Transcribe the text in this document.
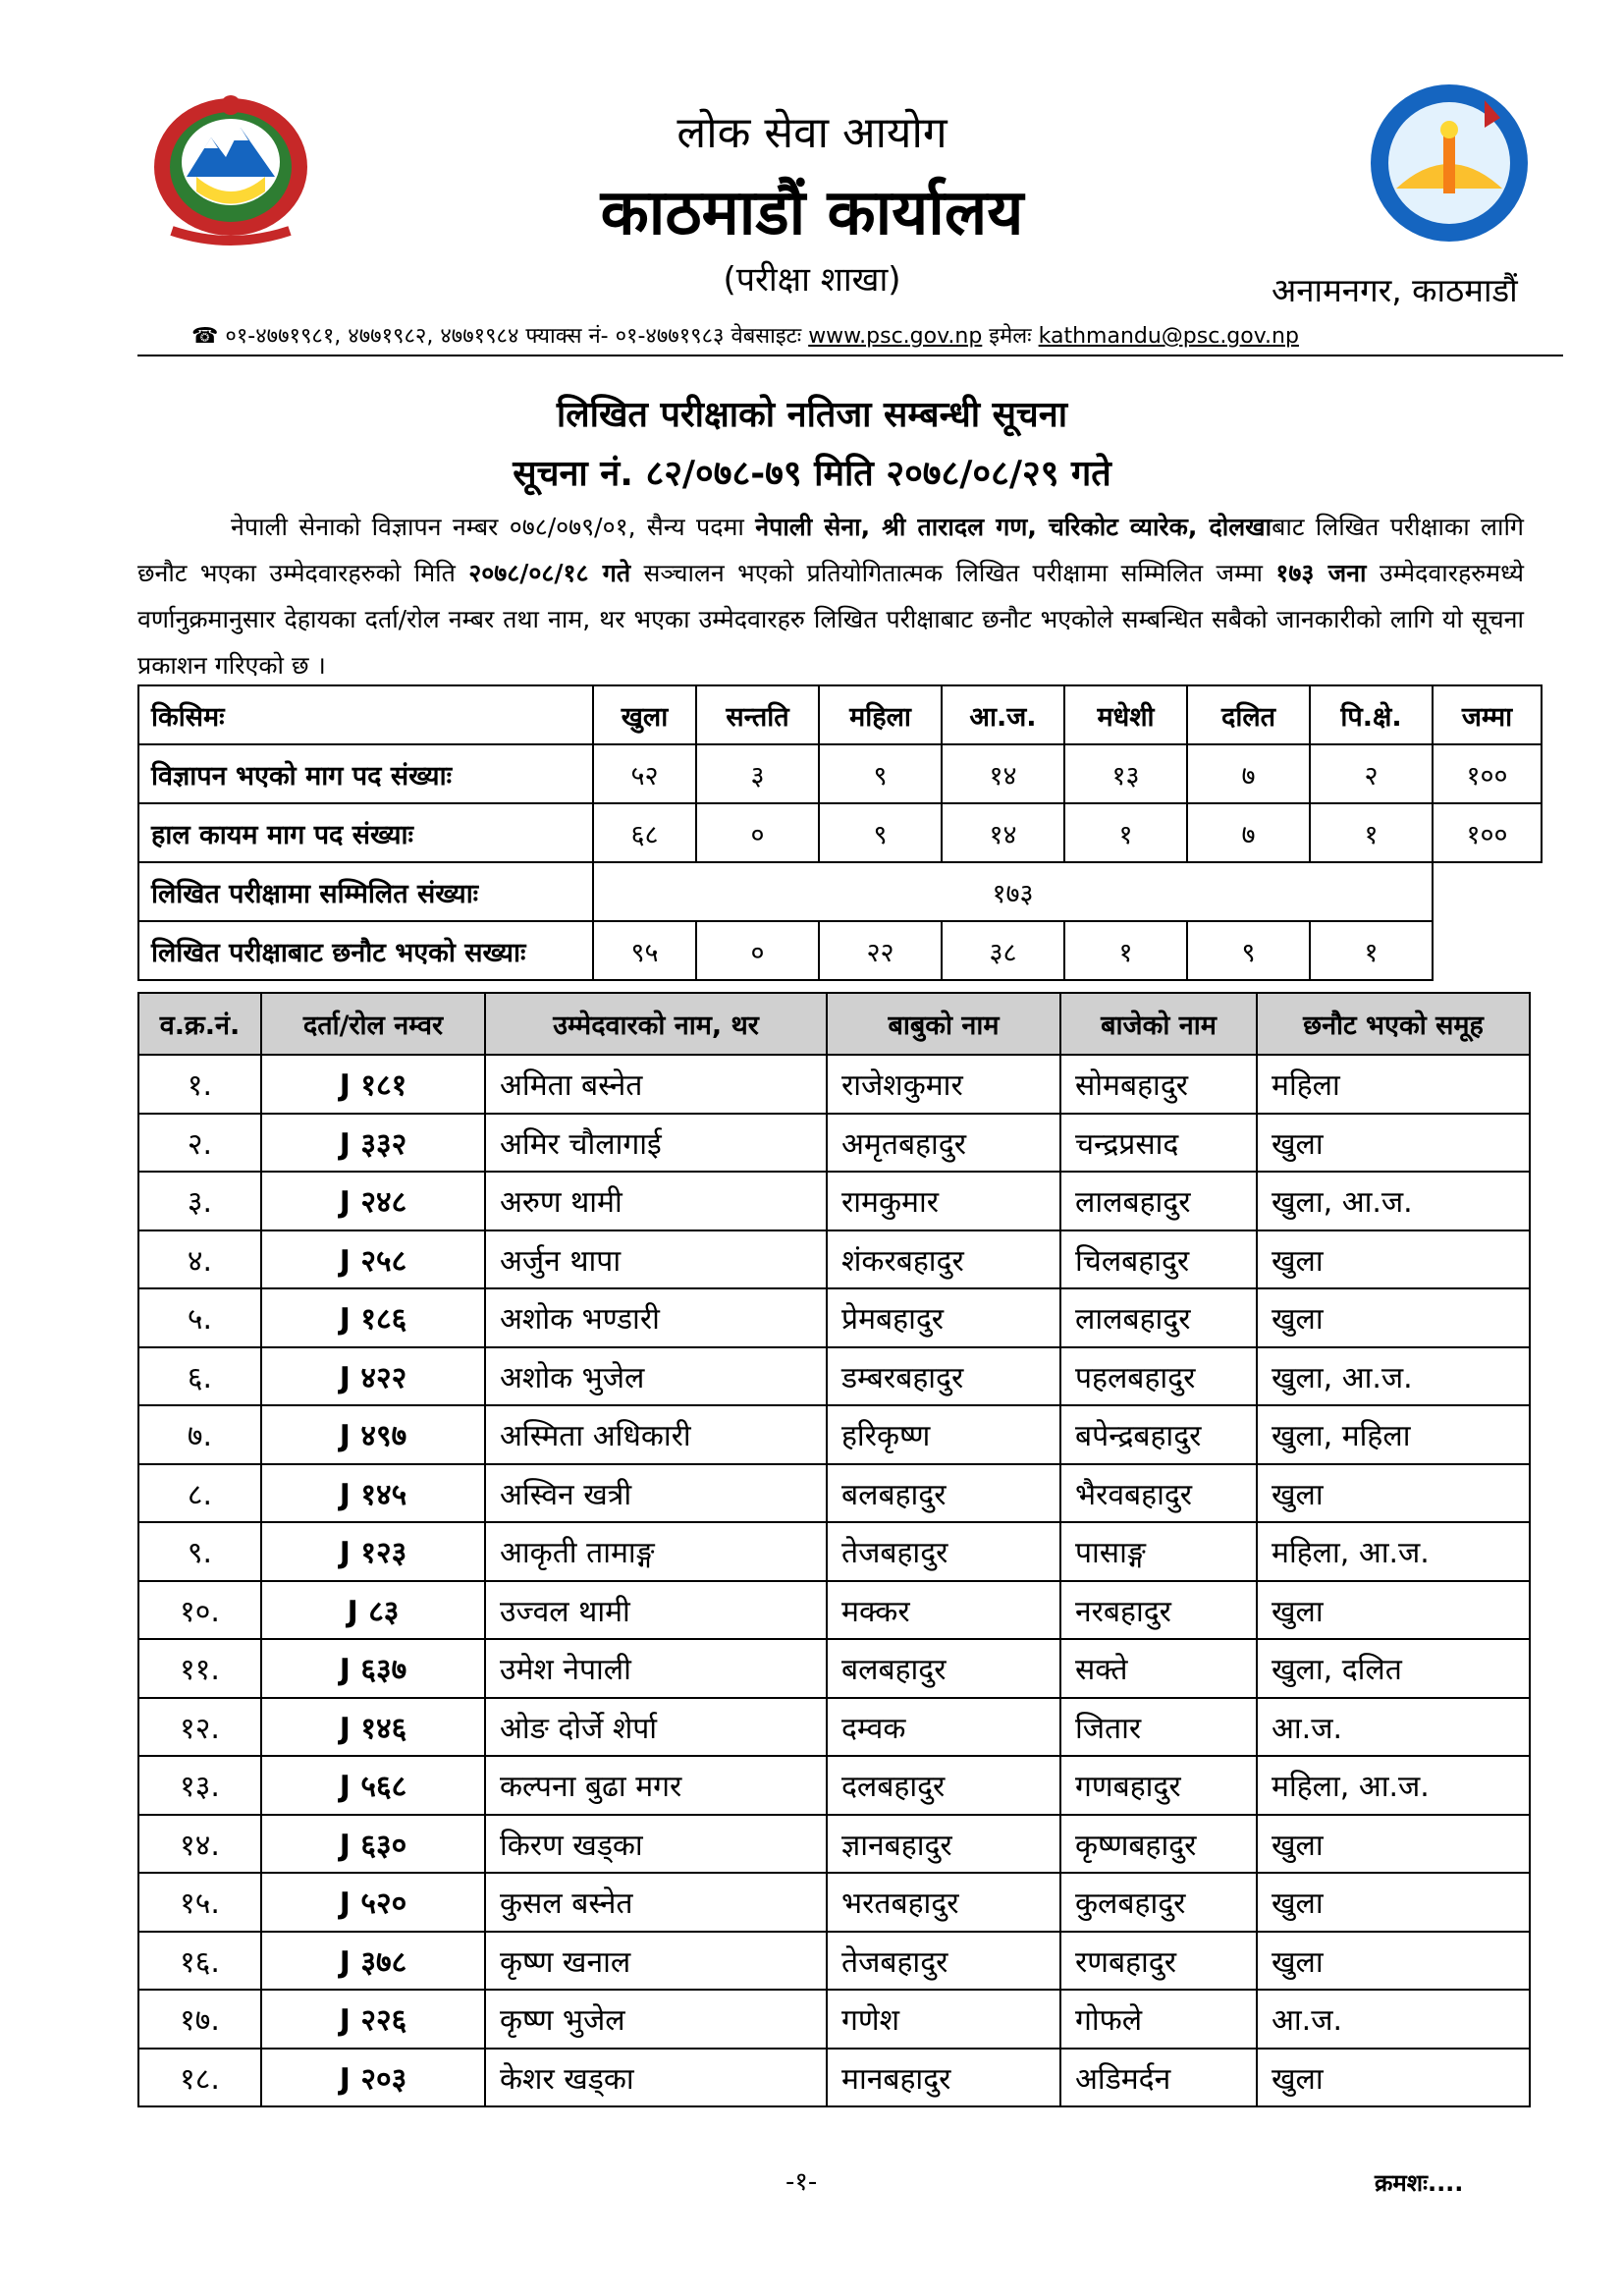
लोक सेवा आयोग
काठमाडौं कार्यालय
(परीक्षा शाखा)	अनामनगर, काठमाडौं
☎ ०१-४७७१९८१, ४७७१९८२, ४७७१९८४ फ्याक्स नं- ०१-४७७१९८३ वेबसाइटः www.psc.gov.np इमेलः kathmandu@psc.gov.np
लिखित परीक्षाको नतिजा सम्बन्धी सूचना
सूचना नं. ८२/०७८-७९ मिति २०७८/०८/२९ गते
नेपाली सेनाको विज्ञापन नम्बर ०७८/०७९/०१, सैन्य पदमा नेपाली सेना, श्री तारादल गण, चरिकोट व्यारेक, दोलखाबाट लिखित परीक्षाका लागि छनौट भएका उम्मेदवारहरुको मिति २०७८/०८/१८ गते सञ्चालन भएको प्रतियोगितात्मक लिखित परीक्षामा सम्मिलित जम्मा १७३ जना उम्मेदवारहरुमध्ये वर्णानुक्रमानुसार देहायका दर्ता/रोल नम्बर तथा नाम, थर भएका उम्मेदवारहरु लिखित परीक्षाबाट छनौट भएकोले सम्बन्धित सबैको जानकारीको लागि यो सूचना प्रकाशन गरिएको छ ।
किसिमः	खुला	सन्तति	महिला	आ.ज.	मधेशी	दलित	पि.क्षे.	जम्मा
विज्ञापन भएको माग पद संख्याः	५२	३	९	१४	१३	७	२	१००
हाल कायम माग पद संख्याः	६८	०	९	१४	१	७	१	१००
लिखित परीक्षामा सम्मिलित संख्याः	१७३							
लिखित परीक्षाबाट छनौट भएको सख्याः	९५	०	२२	३८	१	९	१	
व.क्र.नं.	दर्ता/रोल नम्वर	उम्मेदवारको नाम, थर	बाबुको नाम	बाजेको नाम	छनौट भएको समूह
१.	J १८१	अमिता बस्नेत	राजेशकुमार	सोमबहादुर	महिला
२.	J ३३२	अमिर चौलागाई	अमृतबहादुर	चन्द्रप्रसाद	खुला
३.	J २४८	अरुण थामी	रामकुमार	लालबहादुर	खुला, आ.ज.
४.	J २५८	अर्जुन थापा	शंकरबहादुर	चिलबहादुर	खुला
५.	J १८६	अशोक भण्डारी	प्रेमबहादुर	लालबहादुर	खुला
६.	J ४२२	अशोक भुजेल	डम्बरबहादुर	पहलबहादुर	खुला, आ.ज.
७.	J ४९७	अस्मिता अधिकारी	हरिकृष्ण	बपेन्द्रबहादुर	खुला, महिला
८.	J १४५	अस्विन खत्री	बलबहादुर	भैरवबहादुर	खुला
९.	J १२३	आकृती तामाङ्ग	तेजबहादुर	पासाङ्ग	महिला, आ.ज.
१०.	J ८३	उज्वल थामी	मक्कर	नरबहादुर	खुला
११.	J ६३७	उमेश नेपाली	बलबहादुर	सक्ते	खुला, दलित
१२.	J १४६	ओङ दोर्जे शेर्पा	दम्वक	जितार	आ.ज.
१३.	J ५६८	कल्पना बुढा मगर	दलबहादुर	गणबहादुर	महिला, आ.ज.
१४.	J ६३०	किरण खड्का	ज्ञानबहादुर	कृष्णबहादुर	खुला
१५.	J ५२०	कुसल बस्नेत	भरतबहादुर	कुलबहादुर	खुला
१६.	J ३७८	कृष्ण खनाल	तेजबहादुर	रणबहादुर	खुला
१७.	J २२६	कृष्ण भुजेल	गणेश	गोफले	आ.ज.
१८.	J २०३	केशर खड्का	मानबहादुर	अडिमर्दन	खुला
-१-	क्रमशः....
